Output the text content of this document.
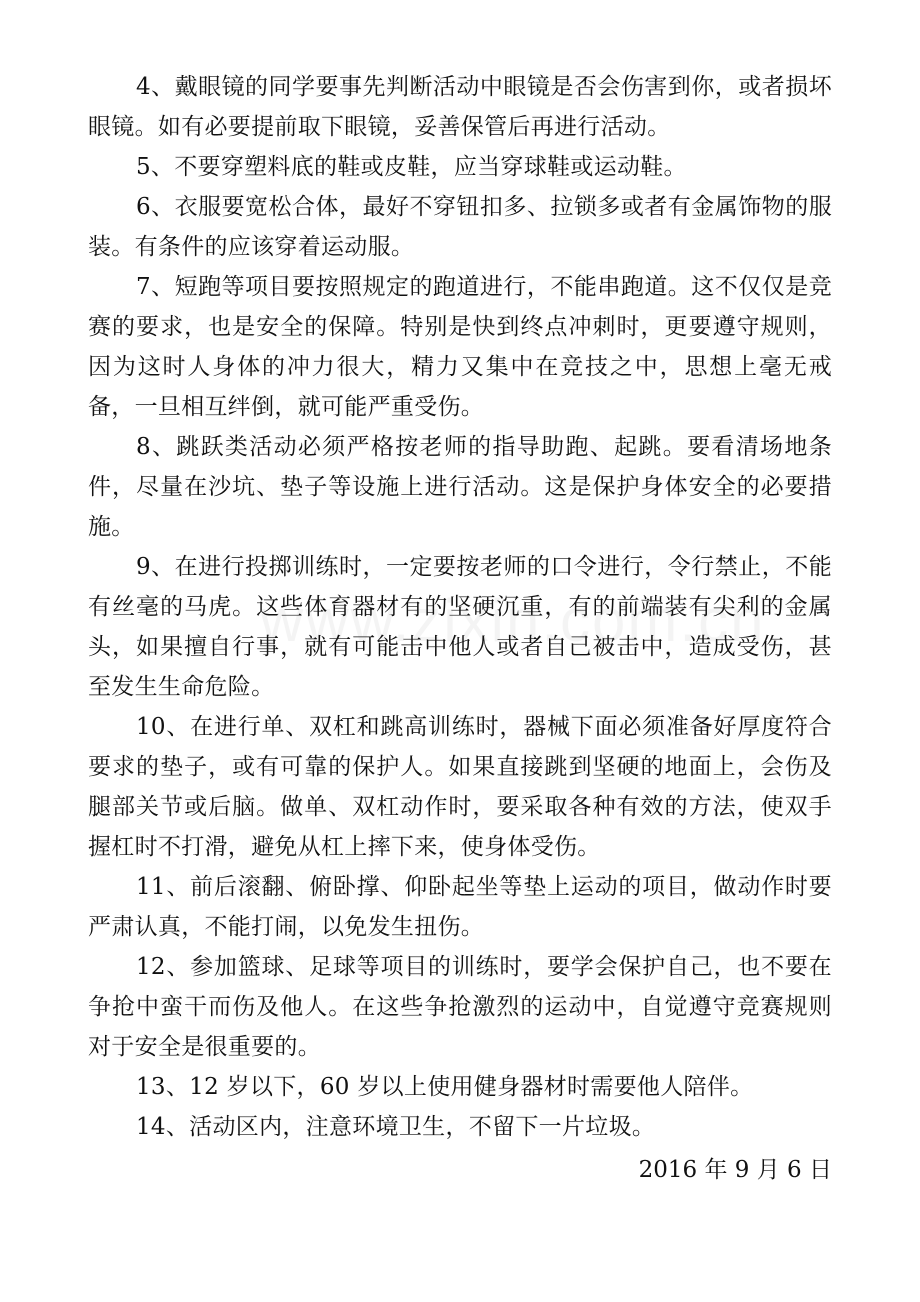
4、戴眼镜的同学要事先判断活动中眼镜是否会伤害到你，或者损坏眼镜。如有必要提前取下眼镜，妥善保管后再进行活动。

5、不要穿塑料底的鞋或皮鞋，应当穿球鞋或运动鞋。

6、衣服要宽松合体，最好不穿钮扣多、拉锁多或者有金属饰物的服装。有条件的应该穿着运动服。

7、短跑等项目要按照规定的跑道进行，不能串跑道。这不仅仅是竞赛的要求，也是安全的保障。特别是快到终点冲刺时，更要遵守规则，因为这时人身体的冲力很大，精力又集中在竞技之中，思想上毫无戒备，一旦相互绊倒，就可能严重受伤。

8、跳跃类活动必须严格按老师的指导助跑、起跳。要看清场地条件，尽量在沙坑、垫子等设施上进行活动。这是保护身体安全的必要措施。

9、在进行投掷训练时，一定要按老师的口令进行，令行禁止，不能有丝毫的马虎。这些体育器材有的坚硬沉重，有的前端装有尖利的金属头，如果擅自行事，就有可能击中他人或者自己被击中，造成受伤，甚至发生生命危险。

10、在进行单、双杠和跳高训练时，器械下面必须准备好厚度符合要求的垫子，或有可靠的保护人。如果直接跳到坚硬的地面上，会伤及腿部关节或后脑。做单、双杠动作时，要采取各种有效的方法，使双手握杠时不打滑，避免从杠上摔下来，使身体受伤。

11、前后滚翻、俯卧撑、仰卧起坐等垫上运动的项目，做动作时要严肃认真，不能打闹，以免发生扭伤。

12、参加篮球、足球等项目的训练时，要学会保护自己，也不要在争抢中蛮干而伤及他人。在这些争抢激烈的运动中，自觉遵守竞赛规则对于安全是很重要的。

13、12 岁以下，60 岁以上使用健身器材时需要他人陪伴。

14、活动区内，注意环境卫生，不留下一片垃圾。

2016 年 9 月 6 日
